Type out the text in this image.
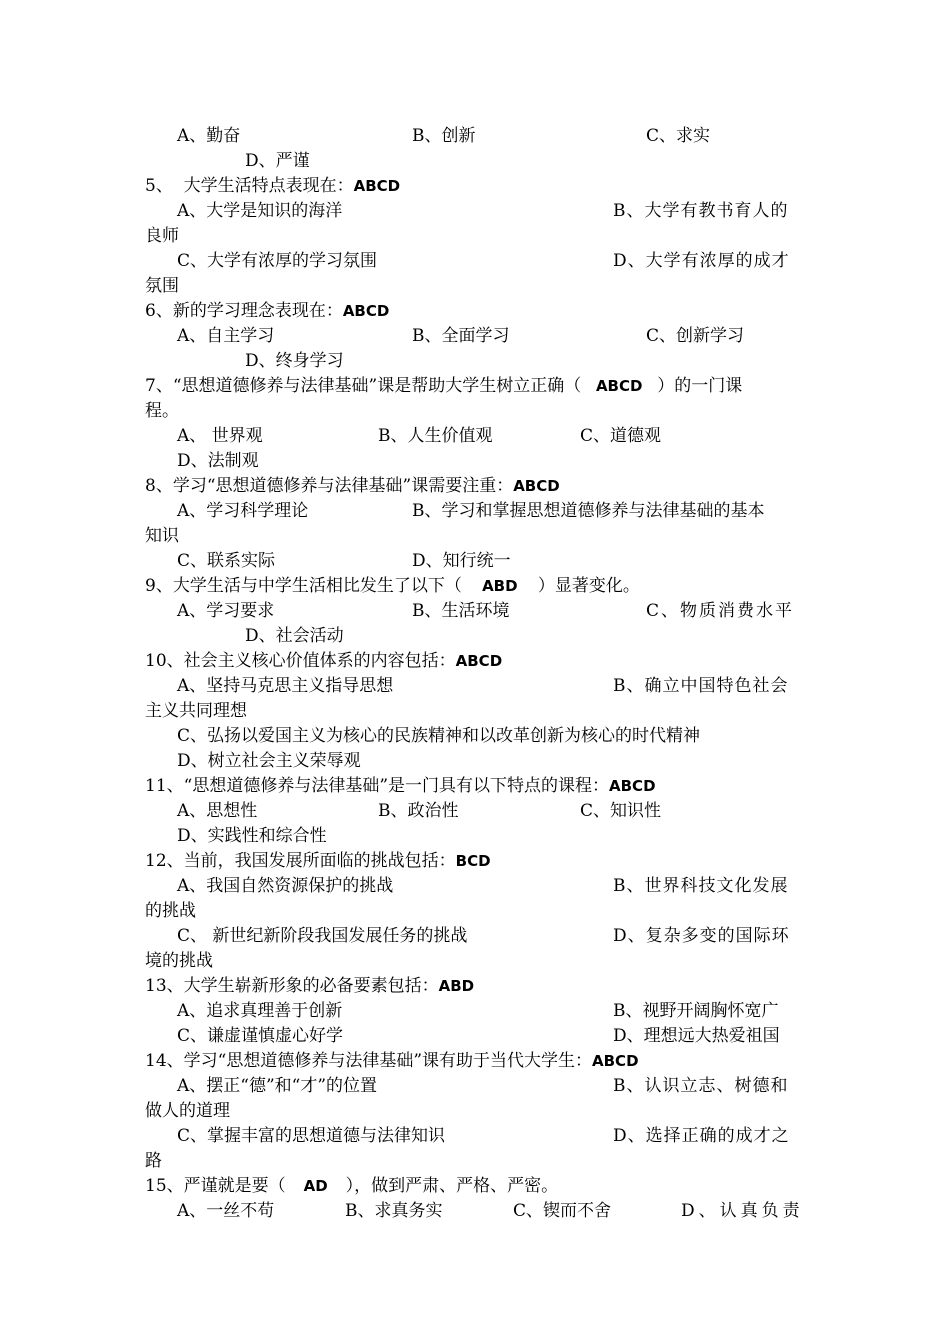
A、勤奋	B、创新	C、求实
D、严谨
5、  大学生活特点表现在：ABCD
A、大学是知识的海洋	B、大学有教书育人的
良师
C、大学有浓厚的学习氛围	D、大学有浓厚的成才
氛围
6、新的学习理念表现在：ABCD
A、自主学习	B、全面学习	C、创新学习
D、终身学习
7、“思想道德修养与法律基础”课是帮助大学生树立正确（ ABCD ）的一门课
程。
A、 世界观	B、人生价值观	C、道德观
D、法制观
8、学习“思想道德修养与法律基础”课需要注重：ABCD
A、学习科学理论	B、学习和掌握思想道德修养与法律基础的基本
知识
C、联系实际	D、知行统一
9、大学生活与中学生活相比发生了以下（ ABD ）显著变化。
A、学习要求	B、生活环境	C、物质消费水平
D、社会活动
10、社会主义核心价值体系的内容包括：ABCD
A、坚持马克思主义指导思想	B、确立中国特色社会
主义共同理想
C、弘扬以爱国主义为核心的民族精神和以改革创新为核心的时代精神
D、树立社会主义荣辱观
11、“思想道德修养与法律基础”是一门具有以下特点的课程：ABCD
A、思想性	B、政治性	C、知识性
D、实践性和综合性
12、当前，我国发展所面临的挑战包括：BCD
A、我国自然资源保护的挑战	B、世界科技文化发展
的挑战
C、 新世纪新阶段我国发展任务的挑战	D、复杂多变的国际环
境的挑战
13、大学生崭新形象的必备要素包括：ABD
A、追求真理善于创新	B、视野开阔胸怀宽广
C、谦虚谨慎虚心好学	D、理想远大热爱祖国
14、学习“思想道德修养与法律基础”课有助于当代大学生：ABCD
A、摆正“德”和“才”的位置	B、认识立志、树德和
做人的道理
C、掌握丰富的思想道德与法律知识	D、选择正确的成才之
路
15、严谨就是要（ AD ），做到严肃、严格、严密。
A、一丝不苟	B、求真务实	C、锲而不舍	D、认真负责
